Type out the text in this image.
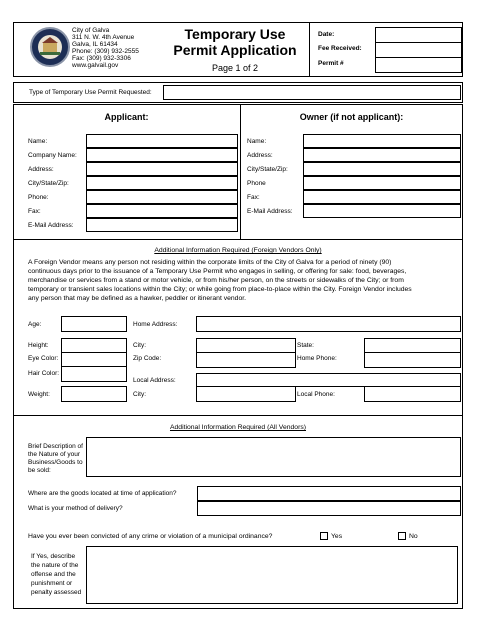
City of Galva
311 N. W. 4th Avenue
Galva, IL 61434
Phone: (309) 932-2555
Fax: (309) 932-3306
www.galvail.gov
Temporary Use
Permit Application
Page 1 of 2
Date:
Fee Received:
Permit #
Type of Temporary Use Permit Requested:
Applicant:
Name:
Company Name:
Address:
City/State/Zip:
Phone:
Fax:
E-Mail Address:
Owner (if not applicant):
Name:
Address:
City/State/Zip:
Phone
Fax:
E-Mail Address:
Additional Information Required (Foreign Vendors Only)
A Foreign Vendor means any person not residing within the corporate limits of the City of Galva for a period of ninety (90)
continuous days prior to the issuance of a Temporary Use Permit who engages in selling, or offering for sale: food, beverages,
merchandise or services from a stand or motor vehicle, or from his/her person, on the streets or sidewalks of the City; or from
temporary or transient sales locations within the City; or while going from place-to-place within the City. Foreign Vendor includes
any person that may be defined as a hawker, peddler or itinerant vendor.
Age:	Home Address:
Height:	City:	State:
Eye Color:	Zip Code:	Home Phone:
Hair Color:
Local Address:
Weight:	City:	Local Phone:
Additional Information Required (All Vendors)
Brief Description of
the Nature of your
Business/Goods to
be sold:
Where are the goods located at time of application?
What is your method of delivery?
Have you ever been convicted of any crime or violation of a municipal ordinance?	Yes	No
If Yes, describe
the nature of the
offense and the
punishment or
penalty assessed
